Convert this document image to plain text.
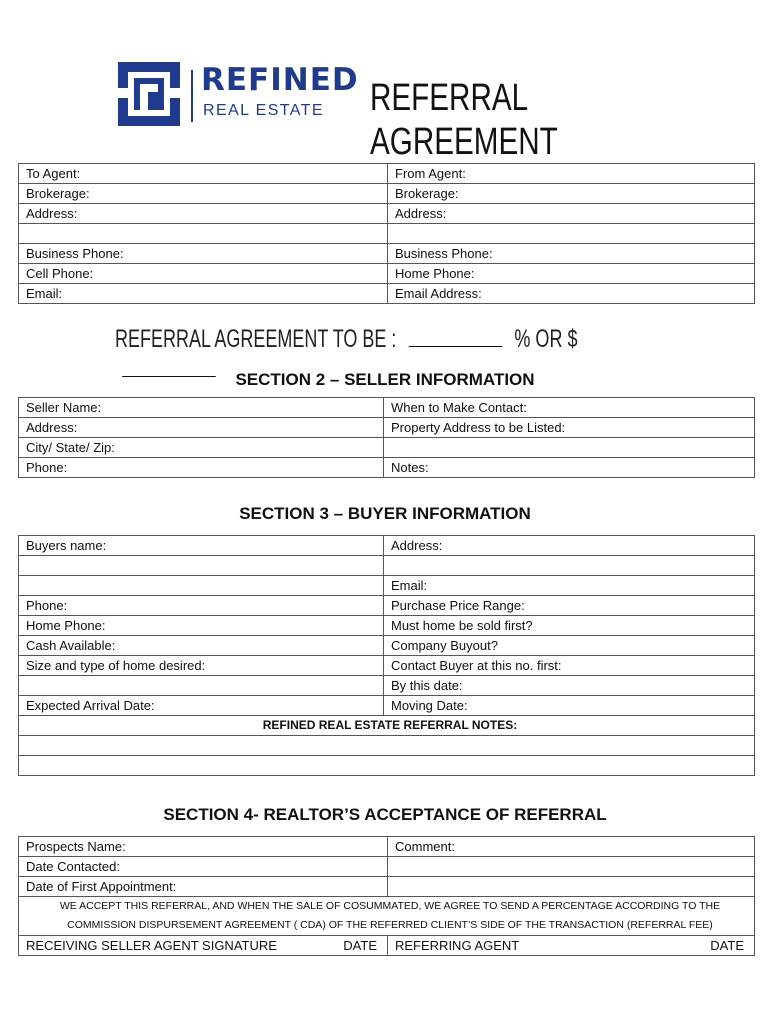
REFINED
REAL ESTATE REFERRAL AGREEMENT
To Agent:	From Agent:
Brokerage:	Brokerage:
Address:	Address:

Business Phone:	Business Phone:
Cell Phone:	Home Phone:
Email:	Email Address:
REFERRAL AGREEMENT TO BE :	% OR $
SECTION 2 – SELLER INFORMATION
Seller Name:	When to Make Contact:
Address:	Property Address to be Listed:
City/ State/ Zip:	
Phone:	Notes:
SECTION 3 – BUYER INFORMATION
Buyers name:	Address:

	Email:
Phone:	Purchase Price Range:
Home Phone:	Must home be sold first?
Cash Available:	Company Buyout?
Size and type of home desired:	Contact Buyer at this no. first:
	By this date:
Expected Arrival Date:	Moving Date:
REFINED REAL ESTATE REFERRAL NOTES:	

SECTION 4- REALTOR’S ACCEPTANCE OF REFERRAL
Prospects Name:	Comment:
Date Contacted:	
Date of First Appointment:	

WE ACCEPT THIS REFERRAL, AND WHEN THE SALE OF COSUMMATED, WE AGREE TO SEND A PERCENTAGE ACCORDING TO THE
COMMISSION DISPURSEMENT AGREEMENT ( CDA) OF THE REFERRED CLIENT’S SIDE OF THE TRANSACTION (REFERRAL FEE)	

RECEIVING SELLER AGENT SIGNATURE DATE	REFERRING AGENT DATE
